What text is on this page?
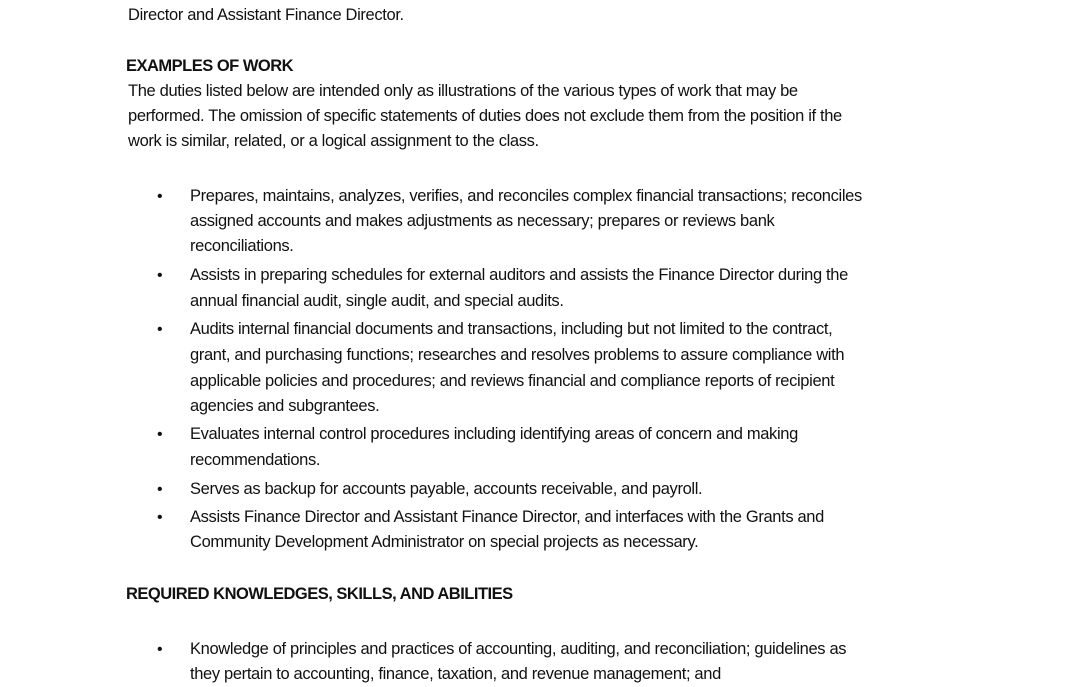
Director and Assistant Finance Director.
EXAMPLES OF WORK
The duties listed below are intended only as illustrations of the various types of work that may be
performed. The omission of specific statements of duties does not exclude them from the position if the
work is similar, related, or a logical assignment to the class.
• Prepares, maintains, analyzes, verifies, and reconciles complex financial transactions; reconciles
assigned accounts and makes adjustments as necessary; prepares or reviews bank
reconciliations.
• Assists in preparing schedules for external auditors and assists the Finance Director during the
annual financial audit, single audit, and special audits.
• Audits internal financial documents and transactions, including but not limited to the contract,
grant, and purchasing functions; researches and resolves problems to assure compliance with
applicable policies and procedures; and reviews financial and compliance reports of recipient
agencies and subgrantees.
• Evaluates internal control procedures including identifying areas of concern and making
recommendations.
• Serves as backup for accounts payable, accounts receivable, and payroll.
• Assists Finance Director and Assistant Finance Director, and interfaces with the Grants and
Community Development Administrator on special projects as necessary.
REQUIRED KNOWLEDGES, SKILLS, AND ABILITIES
• Knowledge of principles and practices of accounting, auditing, and reconciliation; guidelines as
they pertain to accounting, finance, taxation, and revenue management; and
